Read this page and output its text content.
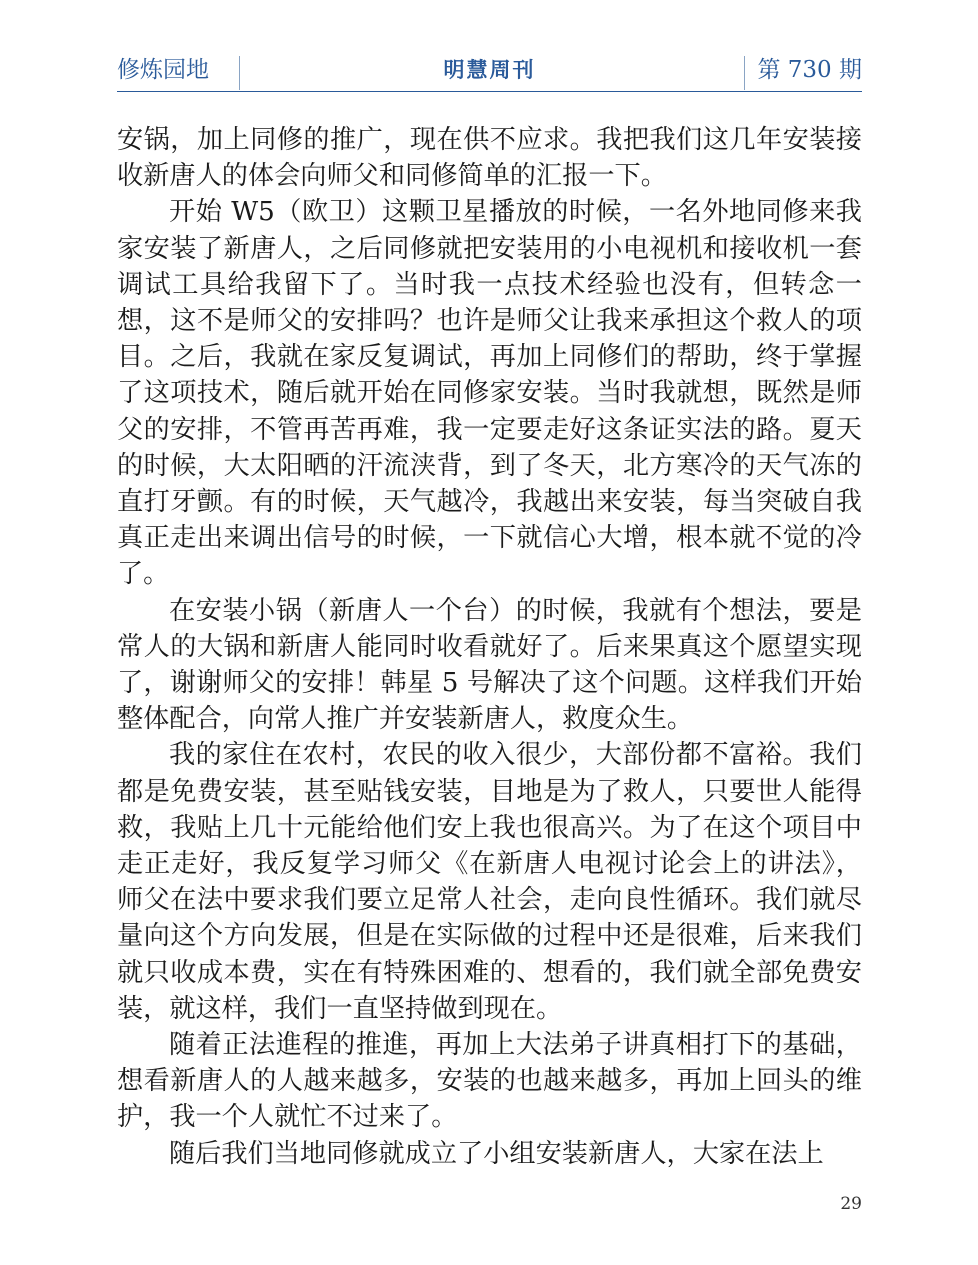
修炼园地	明慧周刊	第 730 期

安锅，加上同修的推广，现在供不应求。我把我们这几年安装接收新唐人的体会向师父和同修简单的汇报一下。

开始 W5（欧卫）这颗卫星播放的时候，一名外地同修来我家安装了新唐人，之后同修就把安装用的小电视机和接收机一套调试工具给我留下了。当时我一点技术经验也没有，但转念一想，这不是师父的安排吗？也许是师父让我来承担这个救人的项目。之后，我就在家反复调试，再加上同修们的帮助，终于掌握了这项技术，随后就开始在同修家安装。当时我就想，既然是师父的安排，不管再苦再难，我一定要走好这条证实法的路。夏天的时候，大太阳晒的汗流浃背，到了冬天，北方寒冷的天气冻的直打牙颤。有的时候，天气越冷，我越出来安装，每当突破自我真正走出来调出信号的时候，一下就信心大增，根本就不觉的冷了。

在安装小锅（新唐人一个台）的时候，我就有个想法，要是常人的大锅和新唐人能同时收看就好了。后来果真这个愿望实现了，谢谢师父的安排！韩星 5 号解决了这个问题。这样我们开始整体配合，向常人推广并安装新唐人，救度众生。

我的家住在农村，农民的收入很少，大部份都不富裕。我们都是免费安装，甚至贴钱安装，目地是为了救人，只要世人能得救，我贴上几十元能给他们安上我也很高兴。为了在这个项目中走正走好，我反复学习师父《在新唐人电视讨论会上的讲法》，师父在法中要求我们要立足常人社会，走向良性循环。我们就尽量向这个方向发展，但是在实际做的过程中还是很难，后来我们就只收成本费，实在有特殊困难的、想看的，我们就全部免费安装，就这样，我们一直坚持做到现在。

随着正法進程的推進，再加上大法弟子讲真相打下的基础，想看新唐人的人越来越多，安装的也越来越多，再加上回头的维护，我一个人就忙不过来了。

随后我们当地同修就成立了小组安装新唐人，大家在法上

29
